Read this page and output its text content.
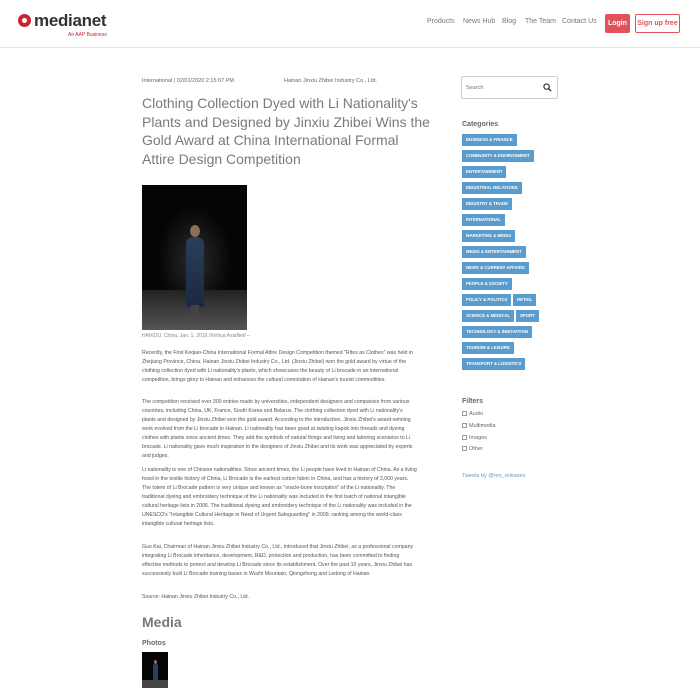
medianet
An AAP Business
Products News Hub Blog The Team Contact Us	Login	Sign up free
International | 02/01/2020 2:15:07 PM	Hainan Jinxiu Zhibei Industry Co., Ltd.
Clothing Collection Dyed with Li Nationality's Plants and Designed by Jinxiu Zhibei Wins the Gold Award at China International Formal Attire Design Competition
HAIKOU, China, Jan. 1, 2019 /Xinhua AsiaNet/ --

Recently, the First Keqiao-China International Formal Attire Design Competition themed "Rites as Clothes" was held in Zhejiang Province, China. Hainan Jinxiu Zhibei Industry Co., Ltd. (Jinxiu Zhibei) won the gold award by virtue of the clothing collection dyed with Li nationality's plants, which showcases the beauty of Li brocade in an international competition, brings glory to Hainan and enhances the cultural connotation of Hainan's tourist commodities.

The competition received over 300 entries made by universities, independent designers and companies from various countries, including China, UK, France, South Korea and Belarus. The clothing collection dyed with Li nationality's plants and designed by Jinxiu Zhibei won the gold award. According to the introduction, Jinxiu Zhibei's award-winning work evolved from the Li brocade in Hainan. Li nationality has been good at twisting kapok into threads and dyeing clothes with plants since ancient times. They add the symbols of natural things and living and laboring scenarios to Li brocade. Li nationality gave much inspiration to the designers of Jinxiu Zhibei and its work was appreciated by experts and judges.

Li nationality is one of Chinese nationalities. Since ancient times, the Li people have lived in Hainan of China. As a living fossil in the textile history of China, Li Brocade is the earliest cotton fabric in China, and has a history of 3,000 years. The totem of Li Brocade pattern is very unique and known as "oracle-bone inscription" of the Li nationality. The traditional dyeing and embroidery technique of the Li nationality was included in the first batch of national intangible cultural heritage lists in 2006. The traditional dyeing and embroidery technique of the Li nationality was included in the UNESCO's "Intangible Cultural Heritage in Need of Urgent Safeguarding" in 2009, ranking among the world-class intangible cultural heritage lists.

Guo Kai, Chairman of Hainan Jinxiu Zhibei Industry Co., Ltd., introduced that Jinxiu Zhibei, as a professional company integrating Li Brocade inheritance, development, R&D, protection and production, has been committed to finding effective methods to protect and develop Li Brocade since its establishment. Over the past 10 years, Jinxiu Zhibei has successively built Li Brocade training bases in Wuzhi Mountain, Qiongzhong and Ledong of Hainan.

Source: Hainan Jinxiu Zhibei Industry Co., Ltd.

Media
Photos
Search
Categories
BUSINESS & FINANCE
COMMUNITY & ENVIRONMENT
ENTERTAINMENT
INDUSTRIAL RELATIONS
INDUSTRY & TRADE
INTERNATIONAL
MARKETING & MEDIA
MEDIA & ENTERTAINMENT
NEWS & CURRENT AFFAIRS
PEOPLE & SOCIETY
POLICY & POLITICS	RETAIL
SCIENCE & MEDICAL	SPORT
TECHNOLOGY & INNOVATION
TOURISM & LEISURE
TRANSPORT & LOGISTICS
Filters
Audio
Multimedia
Images
Other
Tweets by @mn_releases
